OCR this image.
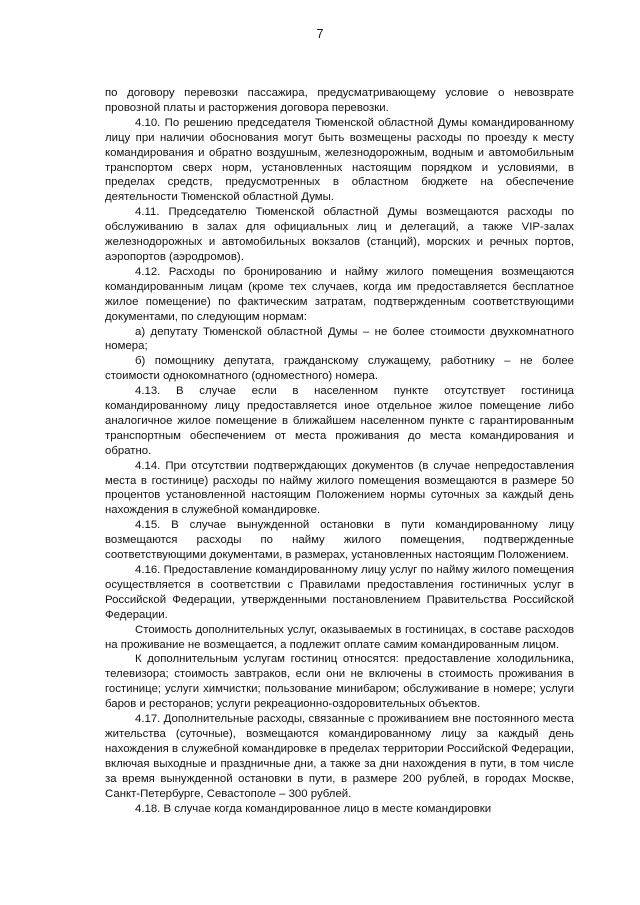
7

по договору перевозки пассажира, предусматривающему условие о невозврате провозной платы и расторжения договора перевозки.

4.10. По решению председателя Тюменской областной Думы командированному лицу при наличии обоснования могут быть возмещены расходы по проезду к месту командирования и обратно воздушным, железнодорожным, водным и автомобильным транспортом сверх норм, установленных настоящим порядком и условиями, в пределах средств, предусмотренных в областном бюджете на обеспечение деятельности Тюменской областной Думы.

4.11. Председателю Тюменской областной Думы возмещаются расходы по обслуживанию в залах для официальных лиц и делегаций, а также VIP-залах железнодорожных и автомобильных вокзалов (станций), морских и речных портов, аэропортов (аэродромов).

4.12. Расходы по бронированию и найму жилого помещения возмещаются командированным лицам (кроме тех случаев, когда им предоставляется бесплатное жилое помещение) по фактическим затратам, подтвержденным соответствующими документами, по следующим нормам:

а) депутату Тюменской областной Думы – не более стоимости двухкомнатного номера;

б) помощнику депутата, гражданскому служащему, работнику – не более стоимости однокомнатного (одноместного) номера.

4.13. В случае если в населенном пункте отсутствует гостиница командированному лицу предоставляется иное отдельное жилое помещение либо аналогичное жилое помещение в ближайшем населенном пункте с гарантированным транспортным обеспечением от места проживания до места командирования и обратно.

4.14. При отсутствии подтверждающих документов (в случае непредоставления места в гостинице) расходы по найму жилого помещения возмещаются в размере 50 процентов установленной настоящим Положением нормы суточных за каждый день нахождения в служебной командировке.

4.15. В случае вынужденной остановки в пути командированному лицу возмещаются расходы по найму жилого помещения, подтвержденные соответствующими документами, в размерах, установленных настоящим Положением.

4.16. Предоставление командированному лицу услуг по найму жилого помещения осуществляется в соответствии с Правилами предоставления гостиничных услуг в Российской Федерации, утвержденными постановлением Правительства Российской Федерации.

Стоимость дополнительных услуг, оказываемых в гостиницах, в составе расходов на проживание не возмещается, а подлежит оплате самим командированным лицом.

К дополнительным услугам гостиниц относятся: предоставление холодильника, телевизора; стоимость завтраков, если они не включены в стоимость проживания в гостинице; услуги химчистки; пользование минибаром; обслуживание в номере; услуги баров и ресторанов; услуги рекреационно-оздоровительных объектов.

4.17. Дополнительные расходы, связанные с проживанием вне постоянного места жительства (суточные), возмещаются командированному лицу за каждый день нахождения в служебной командировке в пределах территории Российской Федерации, включая выходные и праздничные дни, а также за дни нахождения в пути, в том числе за время вынужденной остановки в пути, в размере 200 рублей, в городах Москве, Санкт-Петербурге, Севастополе – 300 рублей.

4.18. В случае когда командированное лицо в месте командировки
